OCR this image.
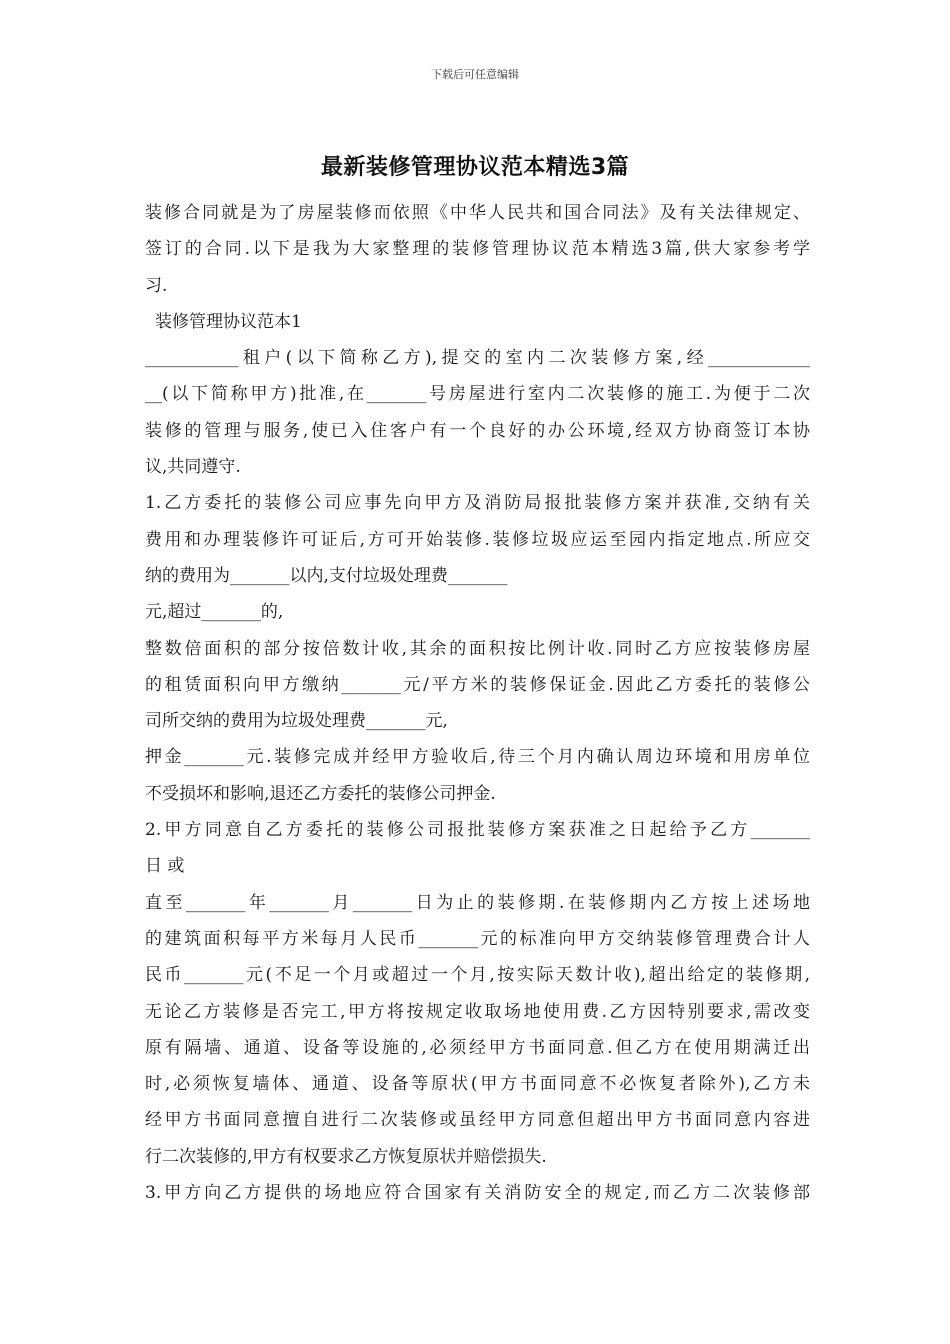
下载后可任意编辑
最新装修管理协议范本精选3篇
装修合同就是为了房屋装修而依照《中华人民共和国合同法》及有关法律规定、
签订的合同.以下是我为大家整理的装修管理协议范本精选3篇,供大家参考学
习.
装修管理协议范本1
___________租户(以下简称乙方),提交的室内二次装修方案,经____________
__(以下简称甲方)批准,在_______号房屋进行室内二次装修的施工.为便于二次
装修的管理与服务,使已入住客户有一个良好的办公环境,经双方协商签订本协
议,共同遵守.
1.乙方委托的装修公司应事先向甲方及消防局报批装修方案并获准,交纳有关
费用和办理装修许可证后,方可开始装修.装修垃圾应运至园内指定地点.所应交
纳的费用为_______以内,支付垃圾处理费_______
元,超过_______的,
整数倍面积的部分按倍数计收,其余的面积按比例计收.同时乙方应按装修房屋
的租赁面积向甲方缴纳_______元/平方米的装修保证金.因此乙方委托的装修公
司所交纳的费用为垃圾处理费_______元,
押金_______元.装修完成并经甲方验收后,待三个月内确认周边环境和用房单位
不受损坏和影响,退还乙方委托的装修公司押金.
2.甲方同意自乙方委托的装修公司报批装修方案获准之日起给予乙方_______
日 或
直至_______年_______月_______日为止的装修期.在装修期内乙方按上述场地
的建筑面积每平方米每月人民币_______元的标准向甲方交纳装修管理费合计人
民币_______元(不足一个月或超过一个月,按实际天数计收),超出给定的装修期,
无论乙方装修是否完工,甲方将按规定收取场地使用费.乙方因特别要求,需改变
原有隔墙、通道、设备等设施的,必须经甲方书面同意.但乙方在使用期满迁出
时,必须恢复墙体、通道、设备等原状(甲方书面同意不必恢复者除外),乙方未
经甲方书面同意擅自进行二次装修或虽经甲方同意但超出甲方书面同意内容进
行二次装修的,甲方有权要求乙方恢复原状并赔偿损失.
3.甲方向乙方提供的场地应符合国家有关消防安全的规定,而乙方二次装修部
